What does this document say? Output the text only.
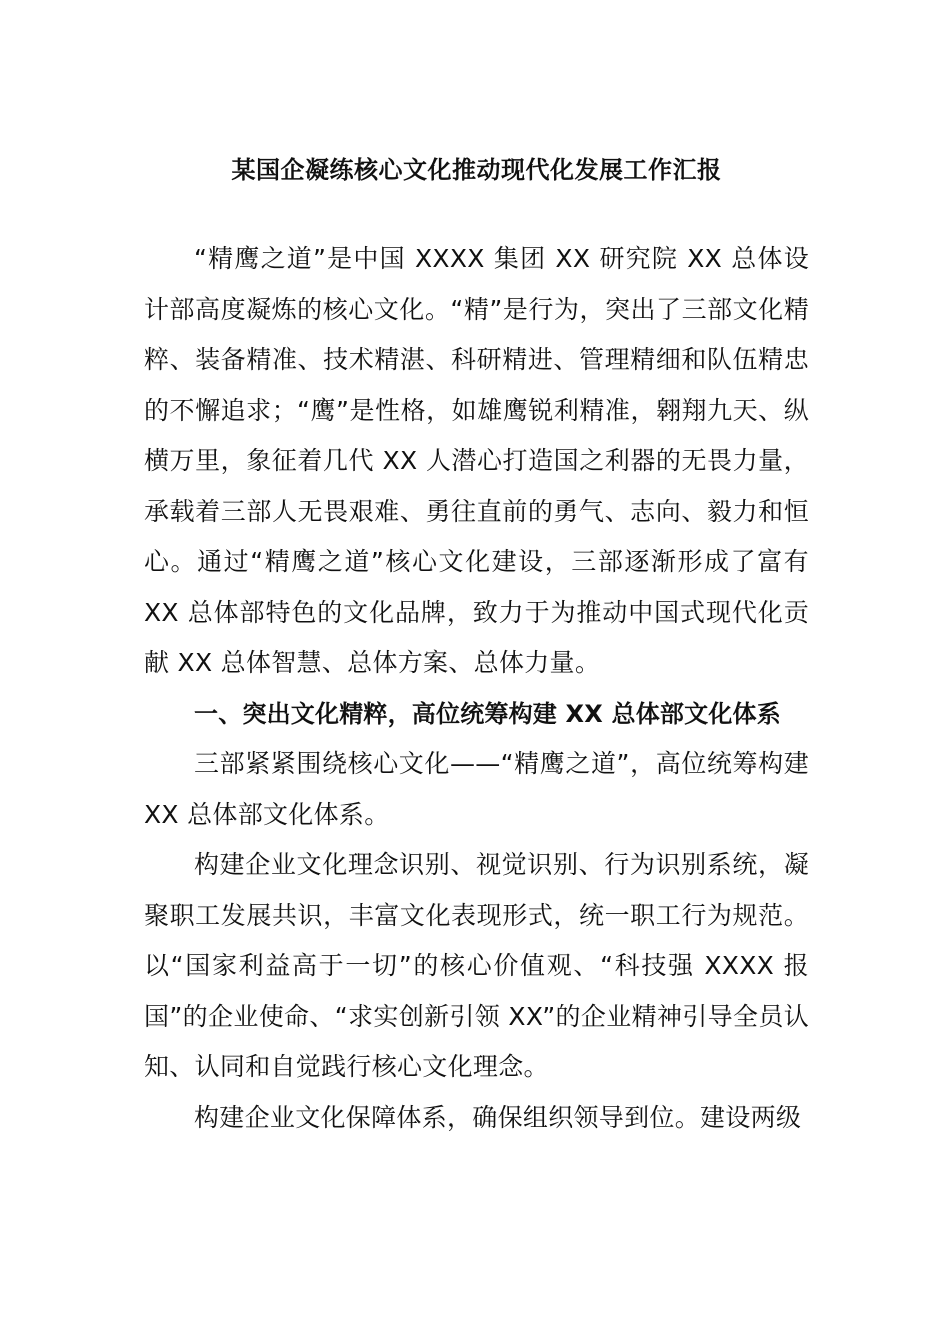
某国企凝练核心文化推动现代化发展工作汇报

“精鹰之道”是中国 XXXX 集团 XX 研究院 XX 总体设计部高度凝炼的核心文化。“精”是行为，突出了三部文化精粹、装备精准、技术精湛、科研精进、管理精细和队伍精忠的不懈追求；“鹰”是性格，如雄鹰锐利精准，翱翔九天、纵横万里，象征着几代 XX 人潜心打造国之利器的无畏力量，承载着三部人无畏艰难、勇往直前的勇气、志向、毅力和恒心。通过“精鹰之道”核心文化建设，三部逐渐形成了富有 XX 总体部特色的文化品牌，致力于为推动中国式现代化贡献 XX 总体智慧、总体方案、总体力量。

一、突出文化精粹，高位统筹构建 XX 总体部文化体系

三部紧紧围绕核心文化——“精鹰之道”，高位统筹构建 XX 总体部文化体系。

构建企业文化理念识别、视觉识别、行为识别系统，凝聚职工发展共识，丰富文化表现形式，统一职工行为规范。以“国家利益高于一切”的核心价值观、“科技强 XXXX 报国”的企业使命、“求实创新引领 XX”的企业精神引导全员认知、认同和自觉践行核心文化理念。

构建企业文化保障体系，确保组织领导到位。建设两级
